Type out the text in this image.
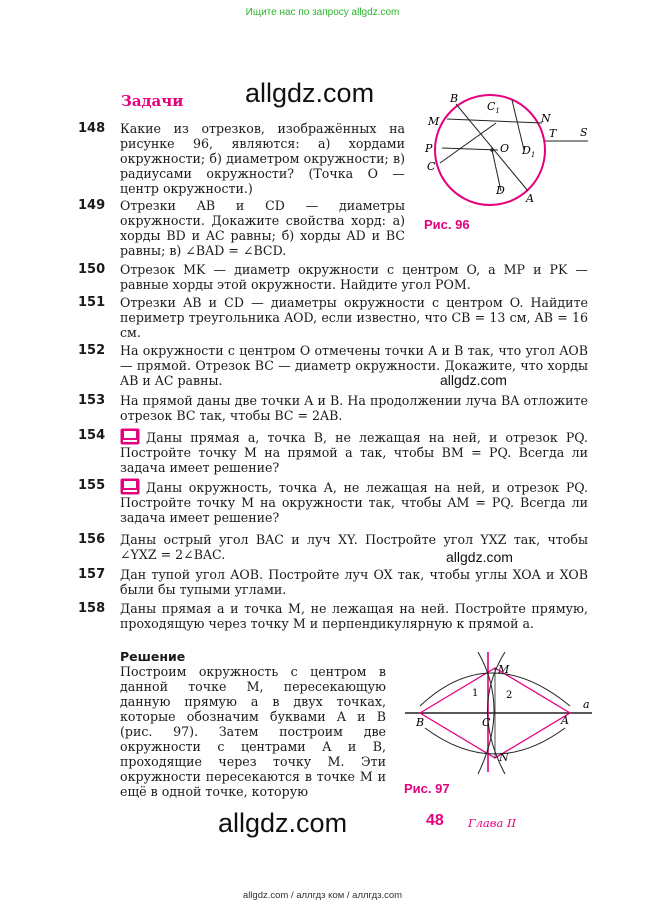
Ищите нас по запросу allgdz.com
Задачи allgdz.com
allgdz.com
allgdz.com
allgdz.com
148 Какие из отрезков, изображённых на рисунке 96, являются: а) хордами окружности; б) диаметром окружности; в) радиусами окружности? (Точка O — центр окружности.)
149 Отрезки AB и CD — диаметры окружности. Докажите свойства хорд: а) хорды BD и AC равны; б) хорды AD и BC равны; в) ∠BAD = ∠BCD.
150 Отрезок MK — диаметр окружности с центром O, а MP и PK — равные хорды этой окружности. Найдите угол POM.
151 Отрезки AB и CD — диаметры окружности с центром O. Найдите периметр треугольника AOD, если известно, что CB = 13 см, AB = 16 см.
152 На окружности с центром O отмечены точки A и B так, что угол AOB — прямой. Отрезок BC — диаметр окружности. Докажите, что хорды AB и AC равны.
153 На прямой даны две точки A и B. На продолжении луча BA отложите отрезок BC так, чтобы BC = 2AB.
154	Даны прямая a, точка B, не лежащая на ней, и отрезок PQ. Постройте точку M на прямой a так, чтобы BM = PQ. Всегда ли задача имеет решение?
155	Даны окружность, точка A, не лежащая на ней, и отрезок PQ. Постройте точку M на окружности так, чтобы AM = PQ. Всегда ли задача имеет решение?
156 Даны острый угол BAC и луч XY. Постройте угол YXZ так, чтобы ∠YXZ = 2∠BAC.
157 Дан тупой угол AOB. Постройте луч OX так, чтобы углы XOA и XOB были бы тупыми углами.
158 Даны прямая a и точка M, не лежащая на ней. Постройте прямую, проходящую через точку M и перпендикулярную к прямой a.
Решение
Построим окружность с центром в данной точке M, пересекающую данную прямую a в двух точках, которые обозначим буквами A и B (рис. 97). Затем построим две окружности с центрами A и B, проходящие через точку M. Эти окружности пересекаются в точке M и ещё в одной точке, которую
B
$C_1$
N
M
T S
P	O $D_1$
C
D
A
Рис. 96
M
1	2
a
B	C	A
N
Рис. 97
48 Глава II
allgdz.com / аллгдз ком / аллгдз.com
